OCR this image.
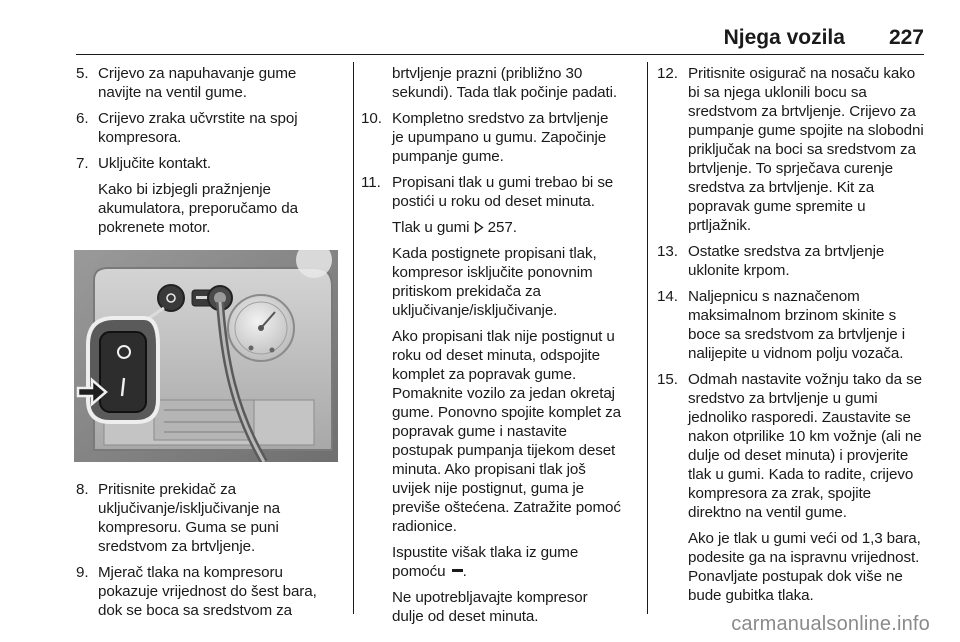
Njega vozila 227
5. Crijevo za napuhavanje gume navijte na ventil gume.
6. Crijevo zraka učvrstite na spoj kompresora.
7. Uključite kontakt.

Kako bi izbjegli pražnjenje akumulatora, preporučamo da pokrenete motor.

8. Pritisnite prekidač za uključivanje/isključivanje na kompresoru. Guma se puni sredstvom za brtvljenje.
9. Mjerač tlaka na kompresoru pokazuje vrijednost do šest bara, dok se boca sa sredstvom za

brtvljenje prazni (približno 30 sekundi). Tada tlak počinje padati.

10. Kompletno sredstvo za brtvljenje je upumpano u gumu. Započinje pumpanje gume.
11. Propisani tlak u gumi trebao bi se postići u roku od deset minuta.

Tlak u gumi 257.

Kada postignete propisani tlak, kompresor isključite ponovnim pritiskom prekidača za uključivanje/isključivanje.

Ako propisani tlak nije postignut u roku od deset minuta, odspojite komplet za popravak gume. Pomaknite vozilo za jedan okretaj gume. Ponovno spojite komplet za popravak gume i nastavite postupak pumpanja tijekom deset minuta. Ako propisani tlak još uvijek nije postignut, guma je previše oštećena. Zatražite pomoć radionice.

Ispustite višak tlaka iz gume pomoću .

Ne upotrebljavajte kompresor dulje od deset minuta.

12. Pritisnite osigurač na nosaču kako bi sa njega uklonili bocu sa sredstvom za brtvljenje. Crijevo za pumpanje gume spojite na slobodni priključak na boci sa sredstvom za brtvljenje. To sprječava curenje sredstva za brtvljenje. Kit za popravak gume spremite u prtljažnik.
13. Ostatke sredstva za brtvljenje uklonite krpom.
14. Naljepnicu s naznačenom maksimalnom brzinom skinite s boce sa sredstvom za brtvljenje i nalijepite u vidnom polju vozača.
15. Odmah nastavite vožnju tako da se sredstvo za brtvljenje u gumi jednoliko rasporedi. Zaustavite se nakon otprilike 10 km vožnje (ali ne dulje od deset minuta) i provjerite tlak u gumi. Kada to radite, crijevo kompresora za zrak, spojite direktno na ventil gume.

Ako je tlak u gumi veći od 1,3 bara, podesite ga na ispravnu vrijednost. Ponavljate postupak dok više ne bude gubitka tlaka.

carmanualsonline.info
